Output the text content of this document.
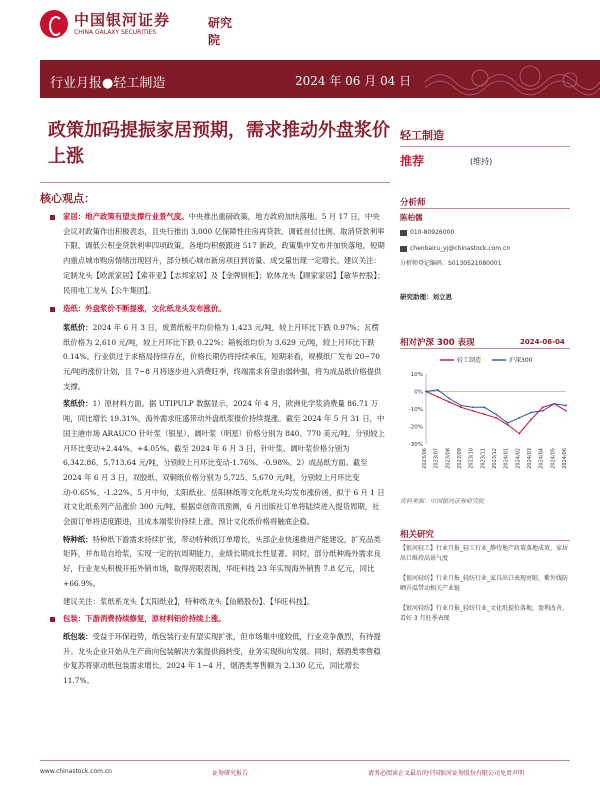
中国银河证券
CHINA GALAXY SECURITIES
研究院
行业月报●轻工制造	2024 年 06 月 04 日
政策加码提振家居预期，需求推动外盘浆价上涨
核心观点：
家居：地产政策有望支撑行业景气度。中央推出重磅政策，地方政府加快落地。5 月 17 日，中央会议对政策作出积极表态，且央行推出 3,000 亿保障性住房再贷款、调低首付比例、取消贷款利率下限、调低公积金贷款利率四项政策。各地均积极跟进 517 新政，政策集中发布并加快落地，短期内重点城市购房情绪出现回升，部分核心城市新房项目到访量、成交量出现一定增长。建议关注：定制龙头【欧派家居】【索菲亚】【志邦家居】及【金牌厨柜】；软体龙头【顾家家居】【敏华控股】；民用电工龙头【公牛集团】。
造纸：外盘浆价不断提涨，文化纸龙头发布涨价。
浆纸价：2024 年 6 月 3 日，废黄纸板平均价格为 1,423 元/吨，较上月环比下跌 0.97%；瓦楞纸价格为 2,610 元/吨，较上月环比下跌 0.22%；箱板纸均价为 3,629 元/吨，较上月环比下跌 0.14%。行业供过于求格局持续存在，价格长期仍将持续承压，短期来看，规模纸厂发布 20~70 元/吨的涨价计划，且 7~8 月将逐步进入消费旺季，终端需求有望由弱转强，将为成品纸价格提供支撑。
浆纸价：1）原材料方面。据 UTIPULP 数据显示，2024 年 4 月，欧洲化学浆消费量 86.71 万吨，同比增长 19.31%，海外需求旺盛带动外盘纸浆报价持续提涨。截至 2024 年 5 月 31 日，中国主港市场 ARAUCO 针叶浆（银星）、阔叶浆（明星）价格分别为 840、770 美元/吨，分别较上月环比变动+2.44%、+4.05%。截至 2024 年 6 月 3 日，针叶浆、阔叶浆价格分别为 6,342.86、5,713.64 元/吨，分别较上月环比变动-1.76%、-0.98%。2）成品纸方面。截至 2024 年 6 月 3 日，双胶纸、双铜纸价格分别为 5,725、5,670 元/吨，分别较上月环比变动-0.65%、-1.22%。5 月中旬，太阳纸业、岳阳林纸等文化纸龙头均发布涨价函，拟于 6 月 1 日对文化纸系列产品涨价 300 元/吨，根据卓创资讯预测，6 月出版社订单将陆续进入提货周期，社会面订单将适度跟进，且成本端浆价持续上涨，预计文化纸价格将触底企稳。
特种纸：特种纸下游需求持续扩张，带动特种纸订单增长，头部企业快速推进产能建设，扩充品类矩阵，并布局自给浆，实现一定的抗周期能力，业绩长期成长性显著。同时，部分纸种海外需求良好，行业龙头积极开拓外销市场，取得亮眼表现，华旺科技 23 年实现海外销售 7.8 亿元，同比+66.9%。
建议关注：浆纸系龙头【太阳纸业】，特种纸龙头【仙鹤股份】、【华旺科技】。
包装：下游消费持续修复，原材料铝价持续上涨。
纸包装：受益于环保趋势，纸包装行业有望实现扩张，但市场集中度较低，行业竞争激烈，有待提升。龙头企业开始从生产商向包装解决方案提供商转变，业务实现纵向发展。同时，烟酒类零售稳步复苏将驱动纸包装需求增长。2024 年 1~4 月，烟酒类零售额为 2,130 亿元，同比增长 11.7%。
轻工制造
推荐	(维持)
分析师
陈柏儒
010-80926000
chenbairu_yj@chinastock.com.cn
分析师登记编码：S0130521080001
研究助理：刘立思
相对沪深 300 表现	2024-06-04
10%
0%
-10%
-20%
-30%
2023/06 2023/07 2023/08 2023/09 2023/10 2023/11 2023/12 2024/01 2024/02 2024/03 2024/04 2024/05 2024/06
轻工制造	沪深300
资料来源：中国银河证券研究院
相关研究
【银河轻工】行业月报_轻工行业_静待地产政策落地成效，家居出口维持高景气度
【银河轻纺】行业月报_轻纺行业_家具出口表现亮眼，紫外线防晒升温带动相关产业链
【银河轻纺】行业月报_轻纺行业_文化纸提价落地，盈利改善，看好 3 月旺季表现
www.chinastock.com.cn	证券研究报告	请务必阅读正文最后的中国银河证券股份有限公司免责声明
